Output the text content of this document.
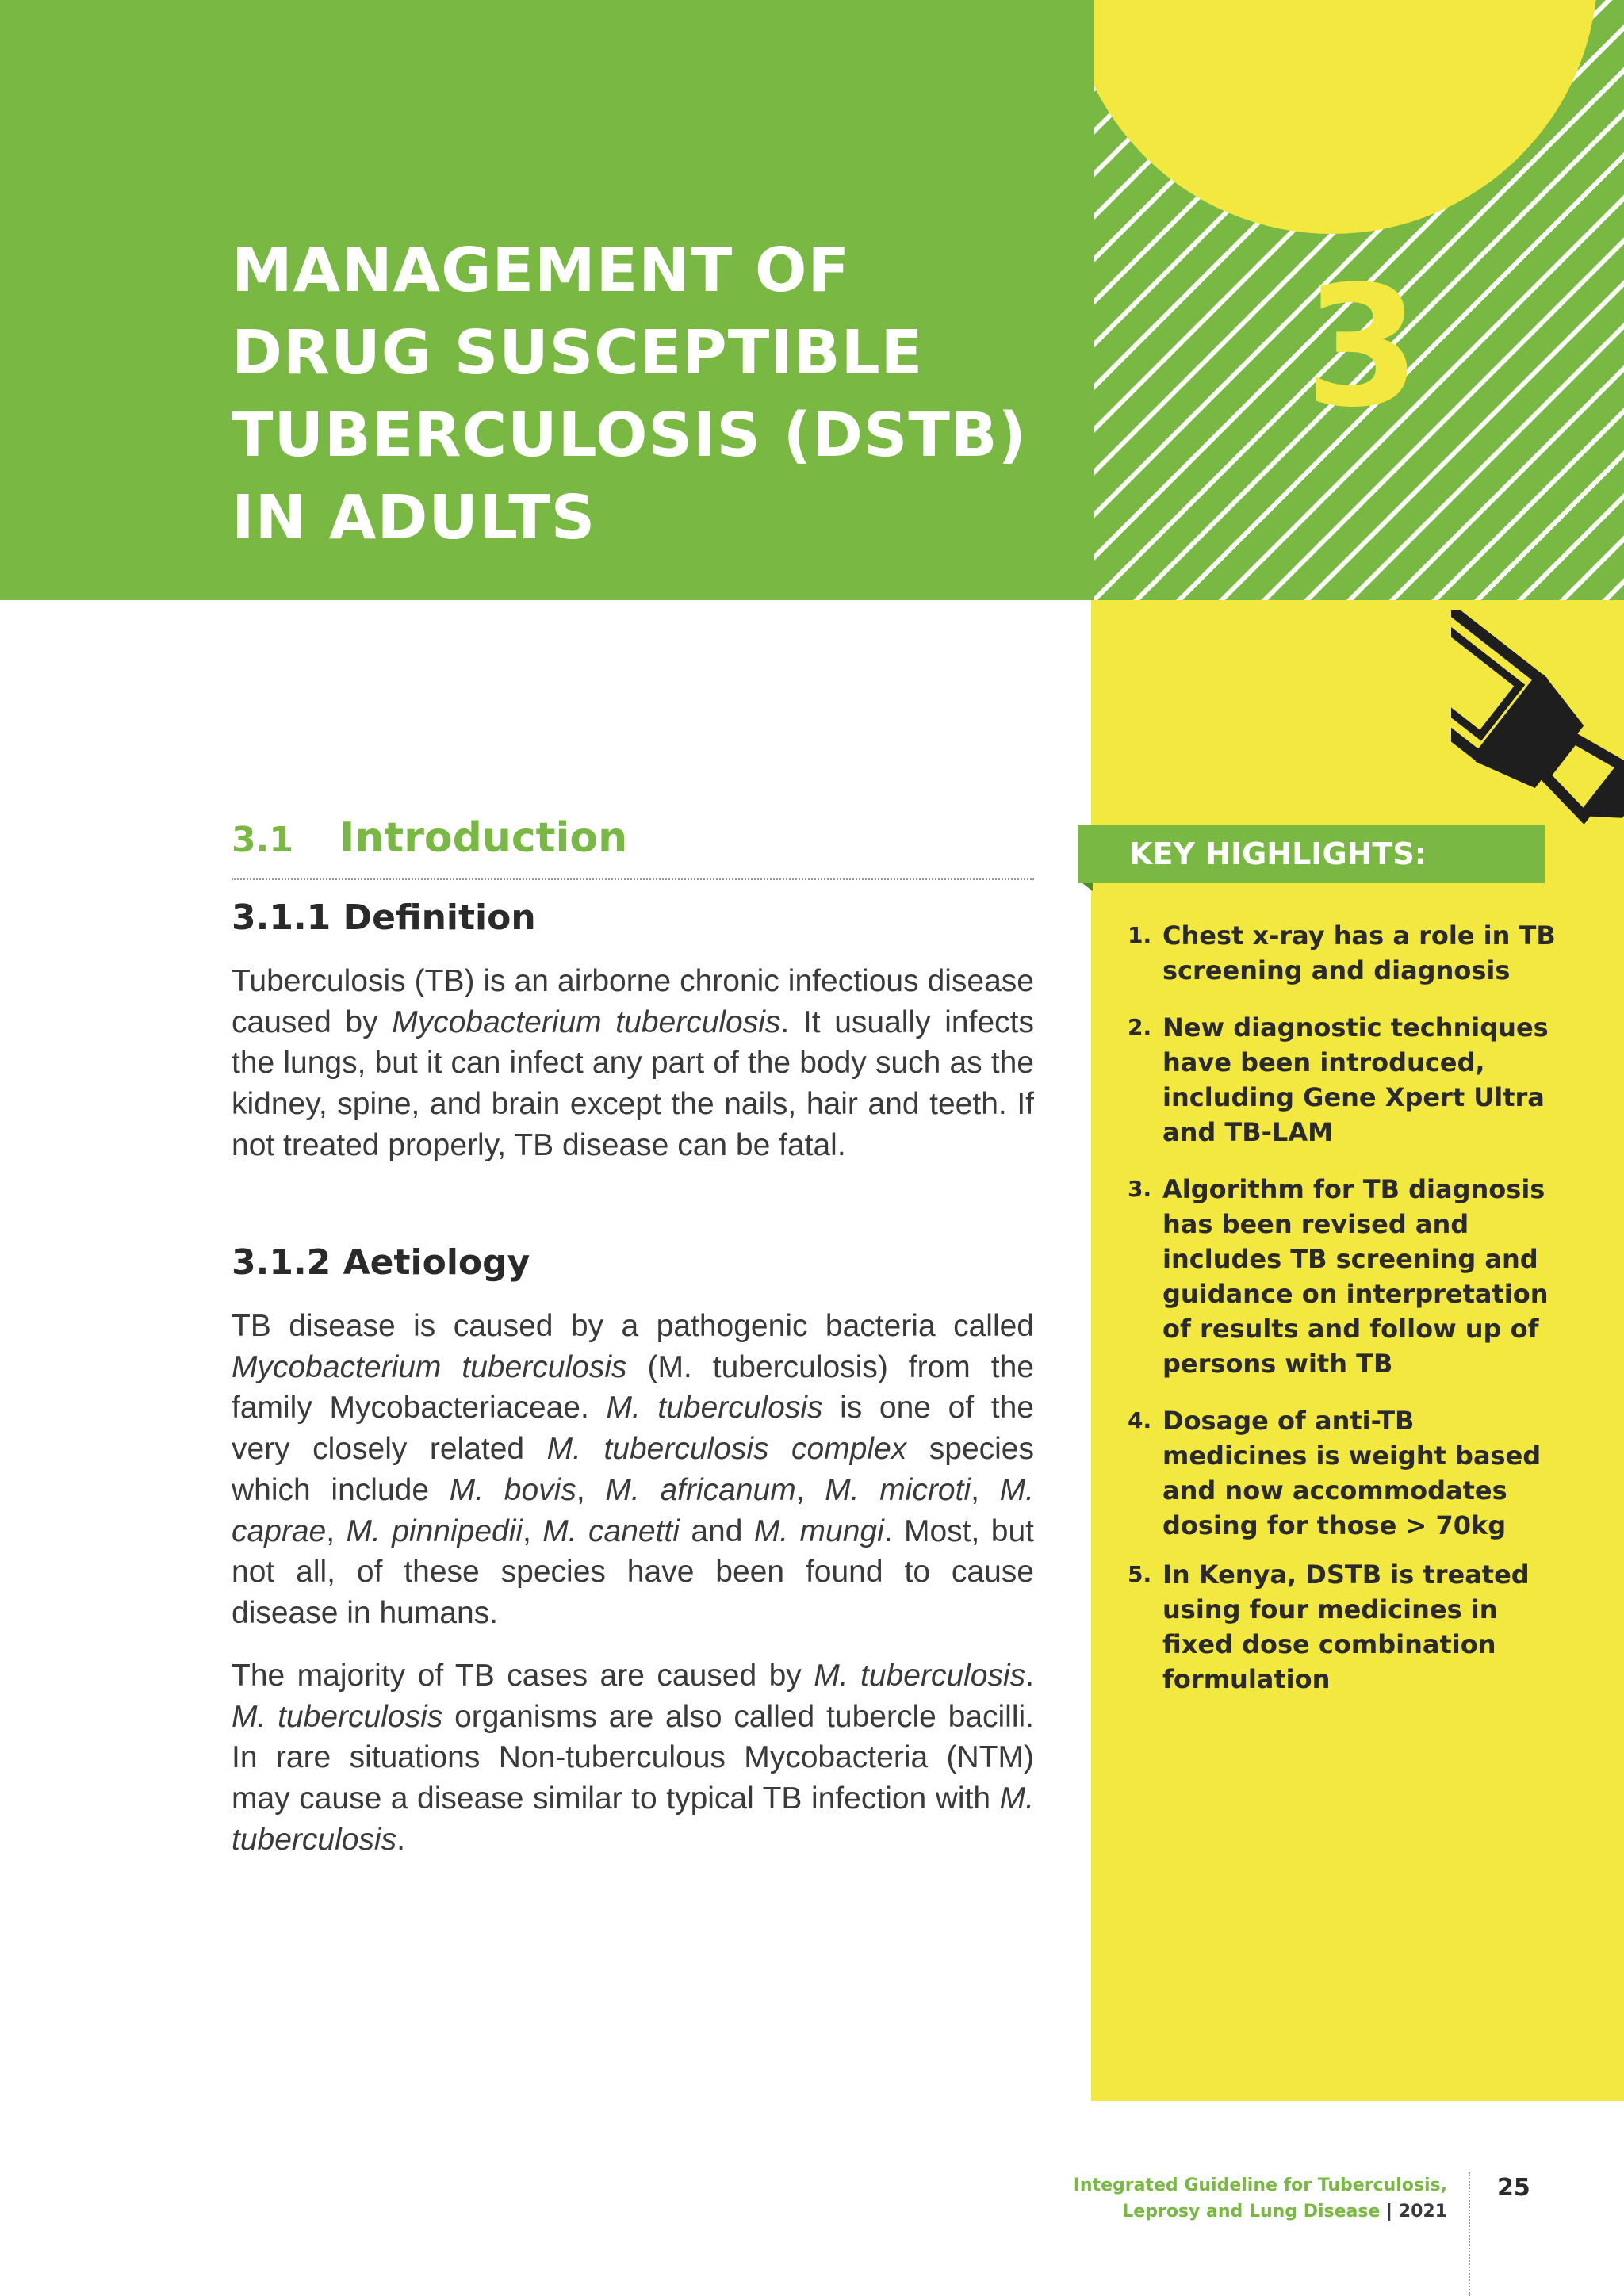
MANAGEMENT OF
DRUG SUSCEPTIBLE
TUBERCULOSIS (DSTB)
IN ADULTS
3
KEY HIGHLIGHTS:
1. Chest x-ray has a role in TB screening and diagnosis
2. New diagnostic techniques have been introduced, including Gene Xpert Ultra and TB-LAM
3. Algorithm for TB diagnosis has been revised and includes TB screening and guidance on interpretation of results and follow up of persons with TB
4. Dosage of anti-TB medicines is weight based and now accommodates dosing for those > 70kg
5. In Kenya, DSTB is treated using four medicines in fixed dose combination formulation
3.1 Introduction
3.1.1 Definition

Tuberculosis (TB) is an airborne chronic infectious disease caused by Mycobacterium tuberculosis. It usually infects the lungs, but it can infect any part of the body such as the kidney, spine, and brain except the nails, hair and teeth. If not treated properly, TB disease can be fatal.

3.1.2 Aetiology

TB disease is caused by a pathogenic bacteria called Mycobacterium tuberculosis (M. tuberculosis) from the family Mycobacteriaceae. M. tuberculosis is one of the very closely related M. tuberculosis complex species which include M. bovis, M. africanum, M. microti, M. caprae, M. pinnipedii, M. canetti and M. mungi. Most, but not all, of these species have been found to cause disease in humans.

The majority of TB cases are caused by M. tuberculosis. M. tuberculosis organisms are also called tubercle bacilli. In rare situations Non-tuberculous Mycobacteria (NTM) may cause a disease similar to typical TB infection with M. tuberculosis.

Integrated Guideline for Tuberculosis,
Leprosy and Lung Disease | 2021
25
